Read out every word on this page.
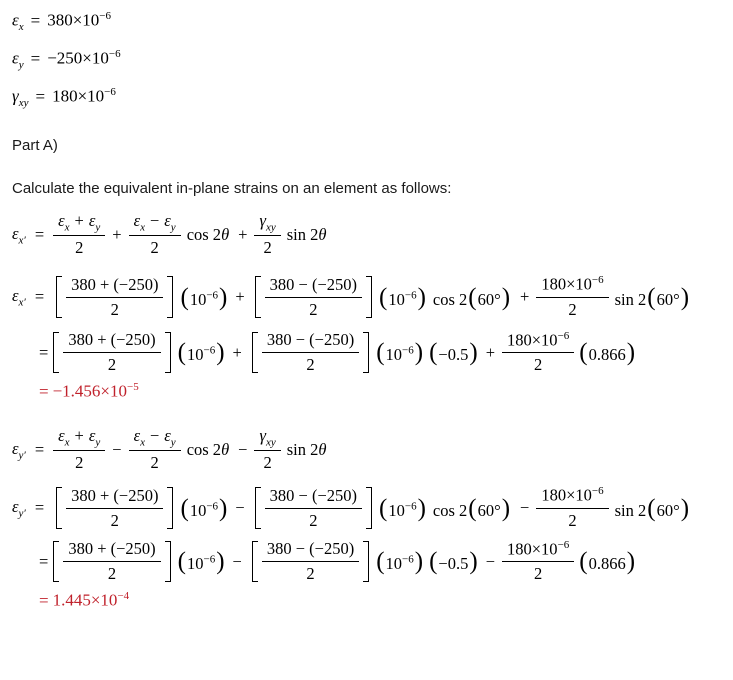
$\varepsilon_x = 380\times 10^{-6}$
$\varepsilon_y = -250\times 10^{-6}$
$\gamma_{xy} = 180\times 10^{-6}$
Part A)
Calculate the equivalent in-plane strains on an element as follows:
$\varepsilon_{x'} = \frac{\varepsilon_x + \varepsilon_y}{2} + \frac{\varepsilon_x - \varepsilon_y}{2}$ $\cos 2\theta + \frac{\gamma_{xy}}{2}$ sin 2θ
$\varepsilon_{x'} = \frac{380 + (-250)}{2} (10^{-6}) + \frac{380 - (-250)}{2} (10^{-6})$ $\cos 2(60^\circ) + \frac{180\times 10^{-6}}{2}$ sin 2(60°)
= $\frac{380 + (-250)}{2} (10^{-6}) + \frac{380 - (-250)}{2} (10^{-6}) (-0.5) + \frac{180\times 10^{-6}}{2} (0.866)$
= $-1.456\times 10^{-5}$
$\varepsilon_{y'} = \frac{\varepsilon_x + \varepsilon_y}{2} - \frac{\varepsilon_x - \varepsilon_y}{2}$ $\cos 2\theta - \frac{\gamma_{xy}}{2}$ sin 2θ
$\varepsilon_{y'} = \frac{380 + (-250)}{2} (10^{-6}) - \frac{380 - (-250)}{2} (10^{-6})$ $\cos 2(60^\circ) - \frac{180\times 10^{-6}}{2}$ sin 2(60°)
= $\frac{380 + (-250)}{2} (10^{-6}) - \frac{380 - (-250)}{2} (10^{-6}) (-0.5) - \frac{180\times 10^{-6}}{2} (0.866)$
= $1.445\times 10^{-4}$
